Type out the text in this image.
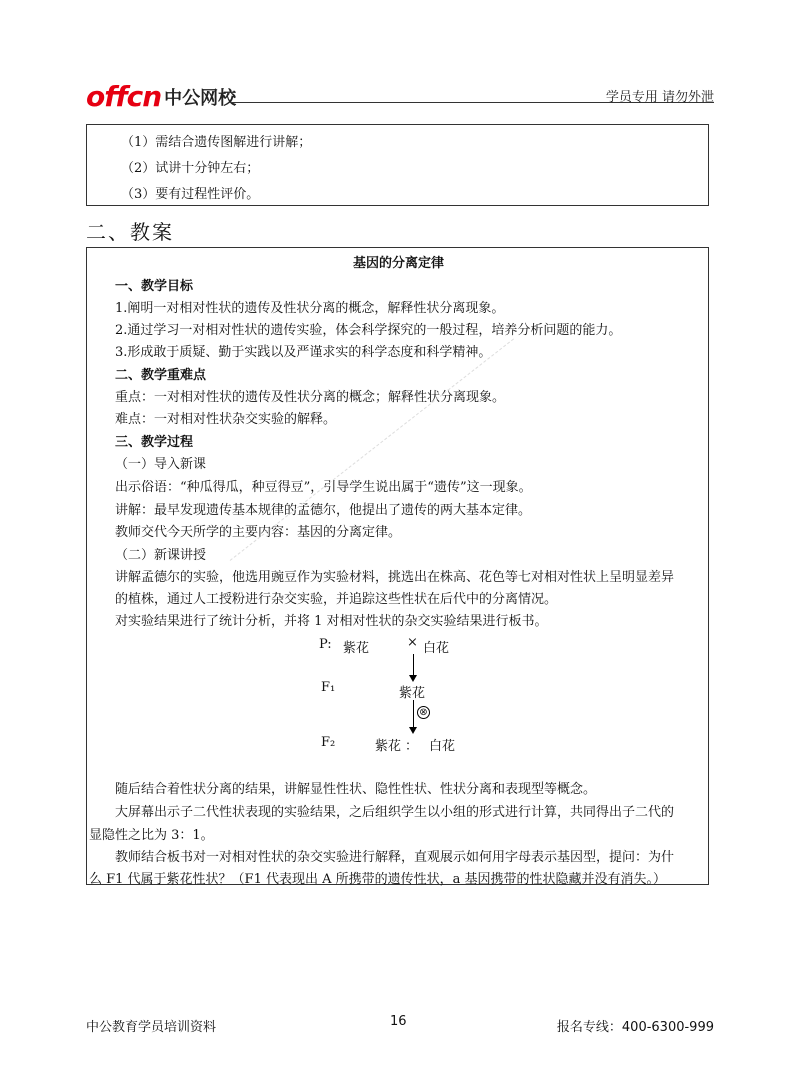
offcn 中公网校	学员专用 请勿外泄
（1）需结合遗传图解进行讲解；
（2）试讲十分钟左右；
（3）要有过程性评价。
二、教案
基因的分离定律
一、教学目标
1.阐明一对相对性状的遗传及性状分离的概念，解释性状分离现象。
2.通过学习一对相对性状的遗传实验，体会科学探究的一般过程，培养分析问题的能力。
3.形成敢于质疑、勤于实践以及严谨求实的科学态度和科学精神。
二、教学重难点
重点：一对相对性状的遗传及性状分离的概念；解释性状分离现象。
难点：一对相对性状杂交实验的解释。
三、教学过程
（一）导入新课
出示俗语：“种瓜得瓜，种豆得豆”，引导学生说出属于“遗传”这一现象。
讲解：最早发现遗传基本规律的孟德尔，他提出了遗传的两大基本定律。
教师交代今天所学的主要内容：基因的分离定律。
（二）新课讲授
讲解孟德尔的实验，他选用豌豆作为实验材料，挑选出在株高、花色等七对相对性状上呈明显差异
的植株，通过人工授粉进行杂交实验，并追踪这些性状在后代中的分离情况。
对实验结果进行了统计分析，并将 1 对相对性状的杂交实验结果进行板书。
P: 紫花	× 白花
F₁	紫花
⊗
F₂	紫花 ： 白花
随后结合着性状分离的结果，讲解显性性状、隐性性状、性状分离和表现型等概念。
大屏幕出示子二代性状表现的实验结果，之后组织学生以小组的形式进行计算，共同得出子二代的
显隐性之比为 3：1。
教师结合板书对一对相对性状的杂交实验进行解释，直观展示如何用字母表示基因型，提问：为什
么 F1 代属于紫花性状？（F1 代表现出 A 所携带的遗传性状，a 基因携带的性状隐藏并没有消失。）
中公教育学员培训资料	16	报名专线：400-6300-999
